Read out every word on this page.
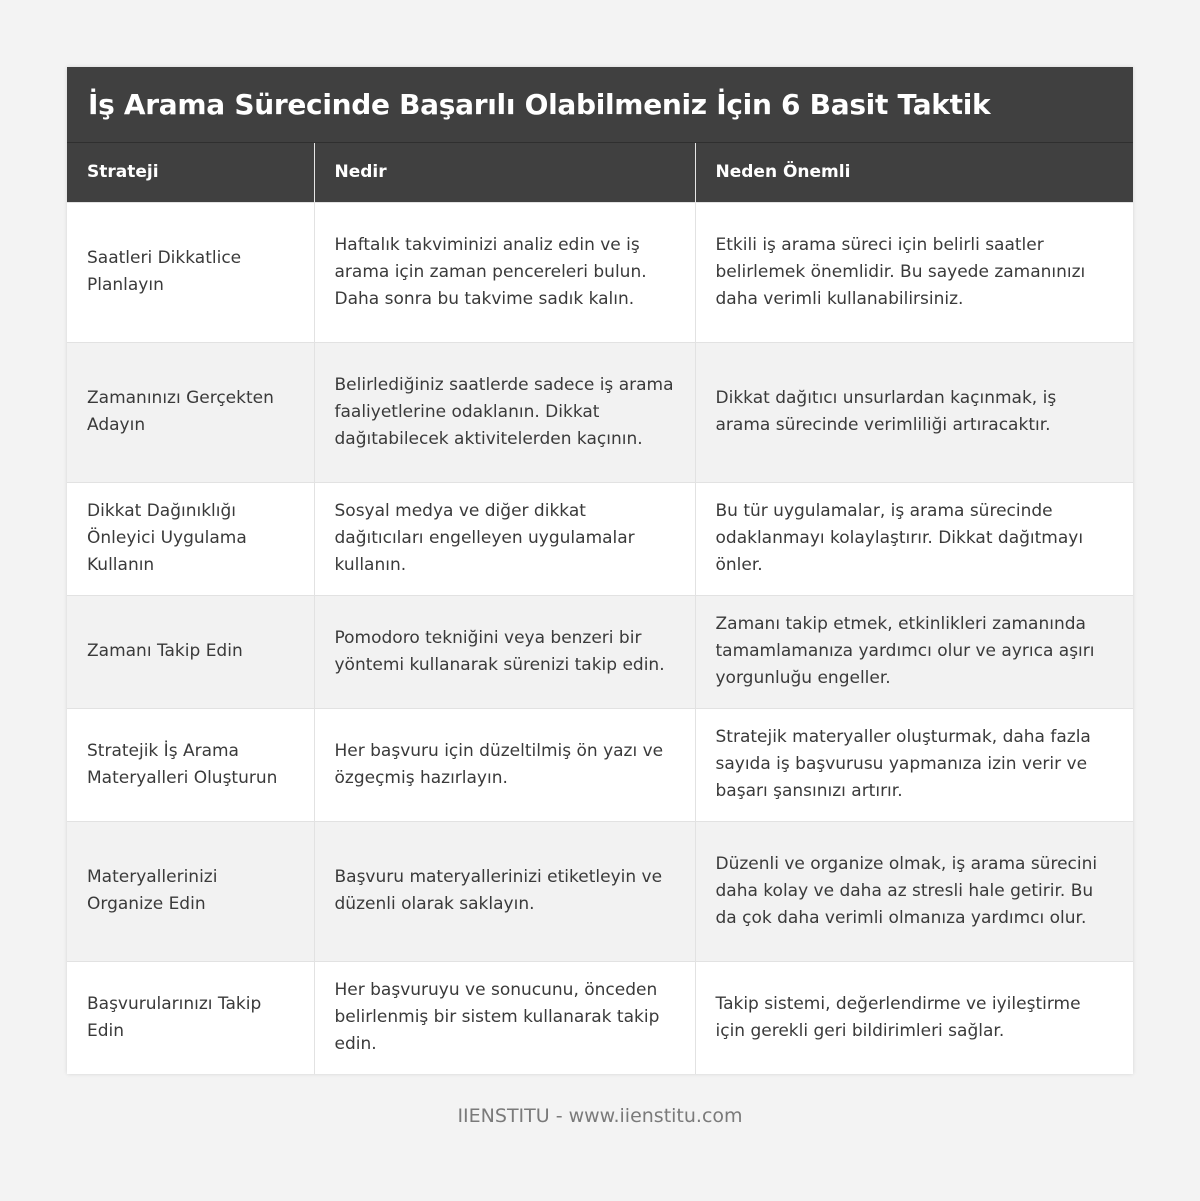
İş Arama Sürecinde Başarılı Olabilmeniz İçin 6 Basit Taktik
Strateji	Nedir	Neden Önemli
Saatleri Dikkatlice Planlayın	Haftalık takviminizi analiz edin ve iş arama için zaman pencereleri bulun. Daha sonra bu takvime sadık kalın.	Etkili iş arama süreci için belirli saatler belirlemek önemlidir. Bu sayede zamanınızı daha verimli kullanabilirsiniz.
Zamanınızı Gerçekten Adayın	Belirlediğiniz saatlerde sadece iş arama faaliyetlerine odaklanın. Dikkat dağıtabilecek aktivitelerden kaçının.	Dikkat dağıtıcı unsurlardan kaçınmak, iş arama sürecinde verimliliği artıracaktır.
Dikkat Dağınıklığı Önleyici Uygulama Kullanın	Sosyal medya ve diğer dikkat dağıtıcıları engelleyen uygulamalar kullanın.	Bu tür uygulamalar, iş arama sürecinde odaklanmayı kolaylaştırır. Dikkat dağıtmayı önler.
Zamanı Takip Edin	Pomodoro tekniğini veya benzeri bir yöntemi kullanarak sürenizi takip edin.	Zamanı takip etmek, etkinlikleri zamanında tamamlamanıza yardımcı olur ve ayrıca aşırı yorgunluğu engeller.
Stratejik İş Arama Materyalleri Oluşturun	Her başvuru için düzeltilmiş ön yazı ve özgeçmiş hazırlayın.	Stratejik materyaller oluşturmak, daha fazla sayıda iş başvurusu yapmanıza izin verir ve başarı şansınızı artırır.
Materyallerinizi Organize Edin	Başvuru materyallerinizi etiketleyin ve düzenli olarak saklayın.	Düzenli ve organize olmak, iş arama sürecini daha kolay ve daha az stresli hale getirir. Bu da çok daha verimli olmanıza yardımcı olur.
Başvurularınızı Takip Edin	Her başvuruyu ve sonucunu, önceden belirlenmiş bir sistem kullanarak takip edin.	Takip sistemi, değerlendirme ve iyileştirme için gerekli geri bildirimleri sağlar.
IIENSTITU - www.iienstitu.com
